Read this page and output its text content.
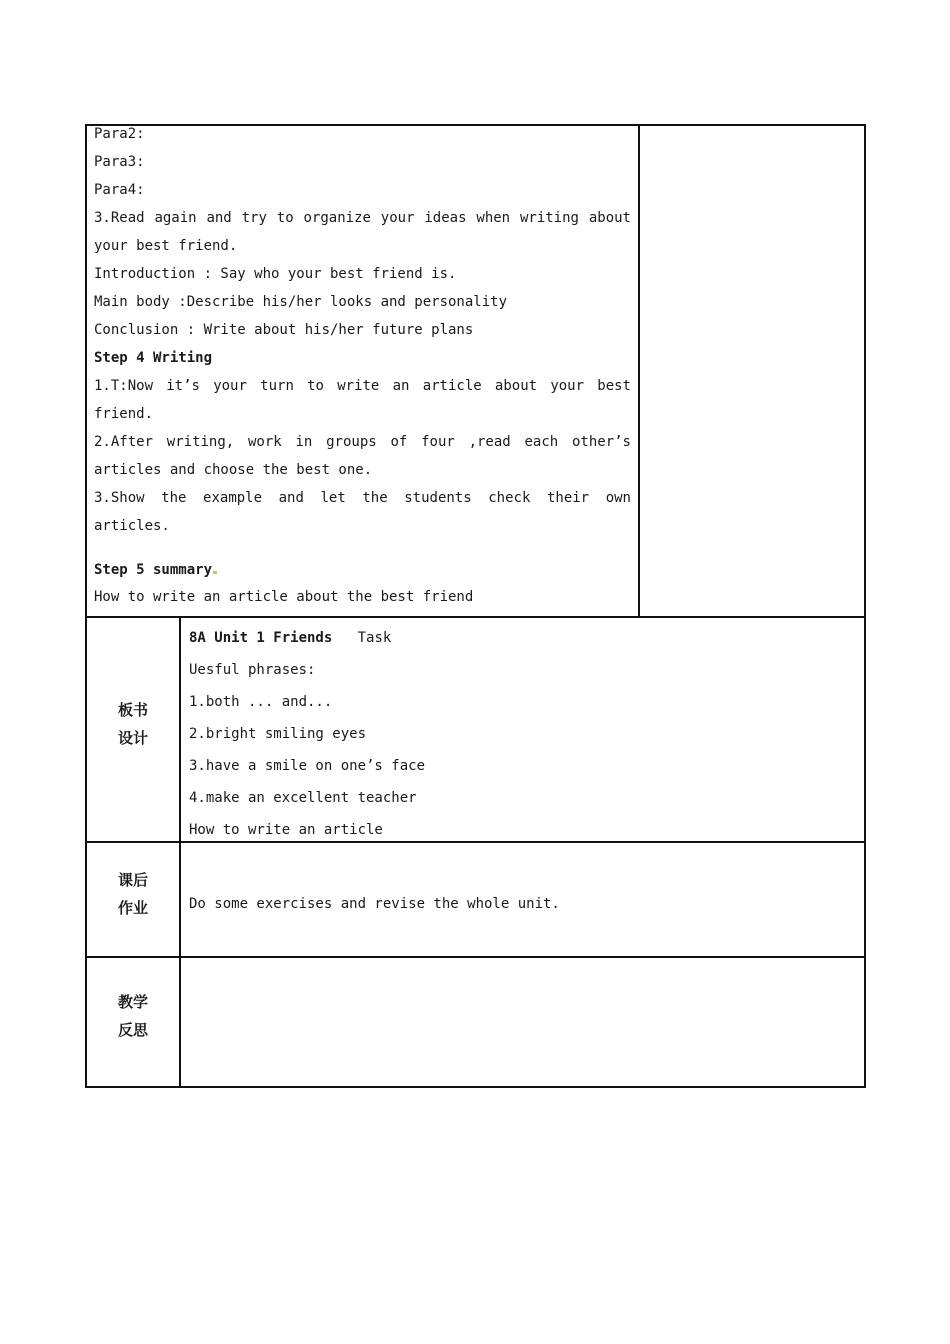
Para2:
Para3:
Para4:
3.Read again and try to organize your ideas when writing about
your best friend.
Introduction : Say who your best friend is.
Main body :Describe his/her looks and personality
Conclusion : Write about his/her future plans
Step 4 Writing
1.T:Now it’s your turn to write an article about your best
friend.
2.After writing, work in groups of four ,read each other’s
articles and choose the best one.
3.Show the example and let the students check their own
articles.
Step 5 summary
How to write an article about the best friend
板书
设计
8A Unit 1 Friends Task
Uesful phrases:
1.both ... and...
2.bright smiling eyes
3.have a smile on one’s face
4.make an excellent teacher
How to write an article
课后
作业	Do some exercises and revise the whole unit.
教学
反思
